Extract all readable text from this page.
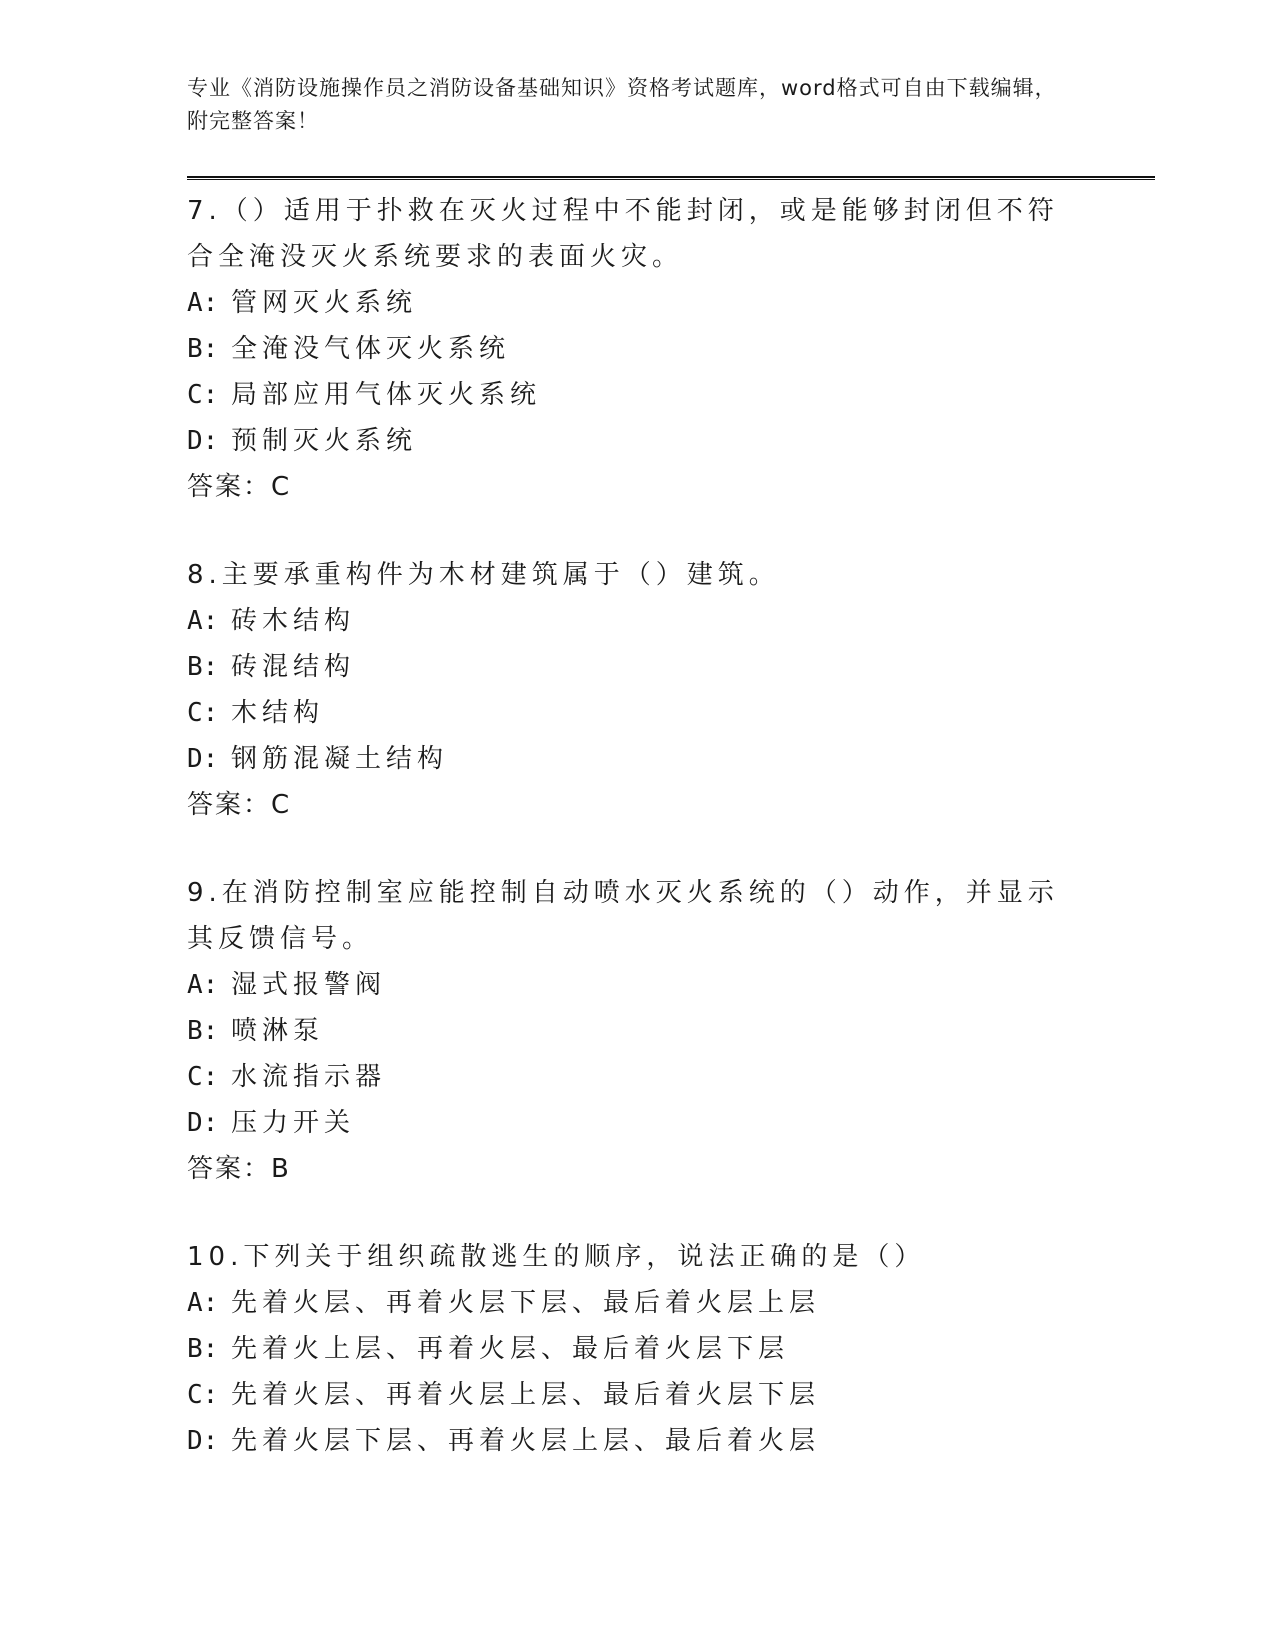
专业《消防设施操作员之消防设备基础知识》资格考试题库，word格式可自由下载编辑，附完整答案！

7.（）适用于扑救在灭火过程中不能封闭，或是能够封闭但不符合全淹没灭火系统要求的表面火灾。

A: 管网灭火系统
B: 全淹没气体灭火系统
C: 局部应用气体灭火系统
D: 预制灭火系统

答案：C

8.主要承重构件为木材建筑属于（）建筑。

A: 砖木结构
B: 砖混结构
C: 木结构
D: 钢筋混凝土结构

答案：C

9.在消防控制室应能控制自动喷水灭火系统的（）动作，并显示其反馈信号。

A: 湿式报警阀
B: 喷淋泵
C: 水流指示器
D: 压力开关

答案：B

10.下列关于组织疏散逃生的顺序，说法正确的是（）

A: 先着火层、再着火层下层、最后着火层上层
B: 先着火上层、再着火层、最后着火层下层
C: 先着火层、再着火层上层、最后着火层下层
D: 先着火层下层、再着火层上层、最后着火层
